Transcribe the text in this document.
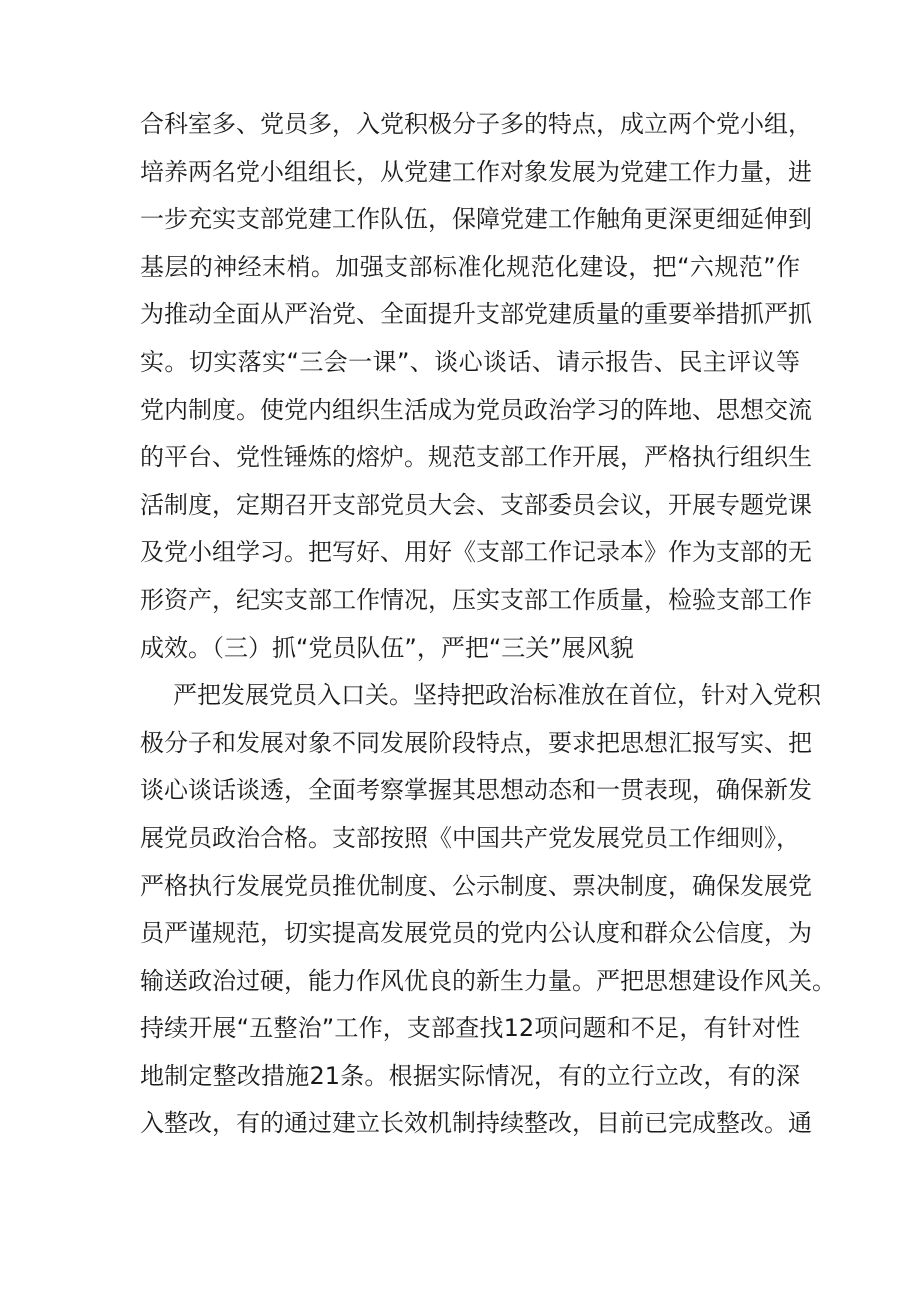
合科室多、党员多，入党积极分子多的特点，成立两个党小组，
培养两名党小组组长，从党建工作对象发展为党建工作力量，进
一步充实支部党建工作队伍，保障党建工作触角更深更细延伸到
基层的神经末梢。加强支部标准化规范化建设，把“六规范”作
为推动全面从严治党、全面提升支部党建质量的重要举措抓严抓
实。切实落实“三会一课”、谈心谈话、请示报告、民主评议等
党内制度。使党内组织生活成为党员政治学习的阵地、思想交流
的平台、党性锤炼的熔炉。规范支部工作开展，严格执行组织生
活制度，定期召开支部党员大会、支部委员会议，开展专题党课
及党小组学习。把写好、用好《支部工作记录本》作为支部的无
形资产，纪实支部工作情况，压实支部工作质量，检验支部工作
成效。（三）抓“党员队伍”，严把“三关”展风貌
严把发展党员入口关。坚持把政治标准放在首位，针对入党积
极分子和发展对象不同发展阶段特点，要求把思想汇报写实、把
谈心谈话谈透，全面考察掌握其思想动态和一贯表现，确保新发
展党员政治合格。支部按照《中国共产党发展党员工作细则》，
严格执行发展党员推优制度、公示制度、票决制度，确保发展党
员严谨规范，切实提高发展党员的党内公认度和群众公信度，为
输送政治过硬，能力作风优良的新生力量。严把思想建设作风关。
持续开展“五整治”工作，支部查找12项问题和不足，有针对性
地制定整改措施21条。根据实际情况，有的立行立改，有的深
入整改，有的通过建立长效机制持续整改，目前已完成整改。通
